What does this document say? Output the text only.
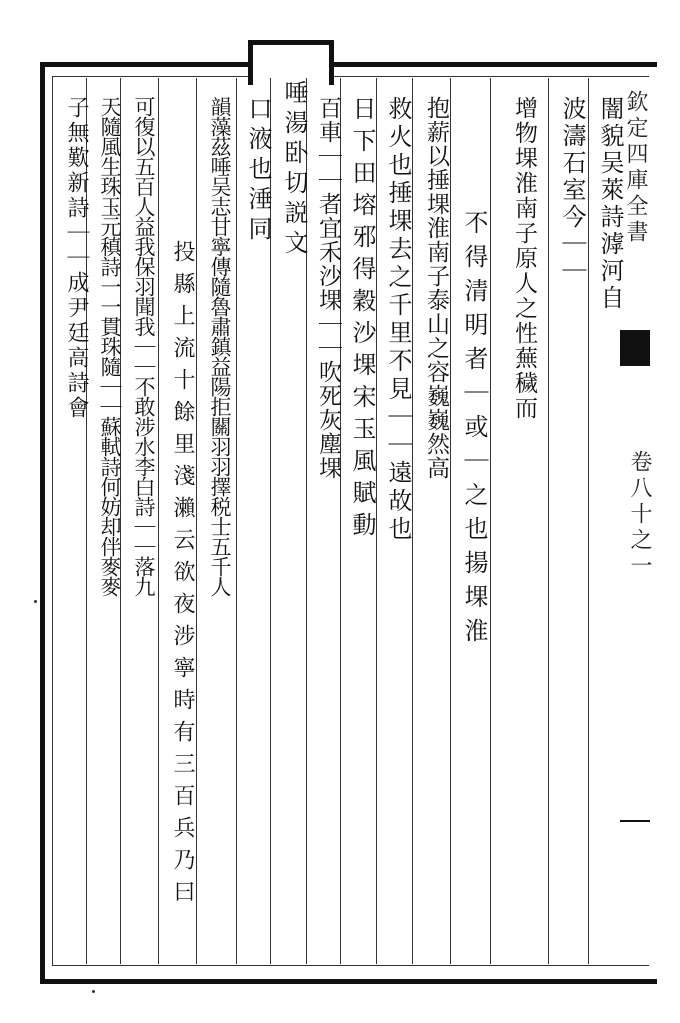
欽定四庫全書
卷八十之一
闇貌吴萊詩滹河自
波濤石室今｜｜
增物堁淮南子原人之性蕪穢而
不得清明者｜或｜之也揚堁淮
抱薪以捶堁淮南子泰山之容巍巍然高
救火也捶堁去之千里不見｜｜遠故也
日下田塎邪得穀沙堁宋玉風賦動
百車｜｜者宜禾沙堁｜｜吹死灰塵堁
唾湯卧切説文
口液也涶同
韻藻茲唾吴志甘寧傳隨魯肅鎮益陽拒關羽羽擇税士五千人
投縣上流十餘里淺瀨云欲夜涉寧時有三百兵乃曰
可復以五百人益我保羽聞我｜｜不敢涉水李白詩｜｜落九
天隨風生珠玉元稹詩一一貫珠隨｜｜蘇軾詩何妨却伴麥麥
子無歎新詩｜｜成尹廷高詩會
